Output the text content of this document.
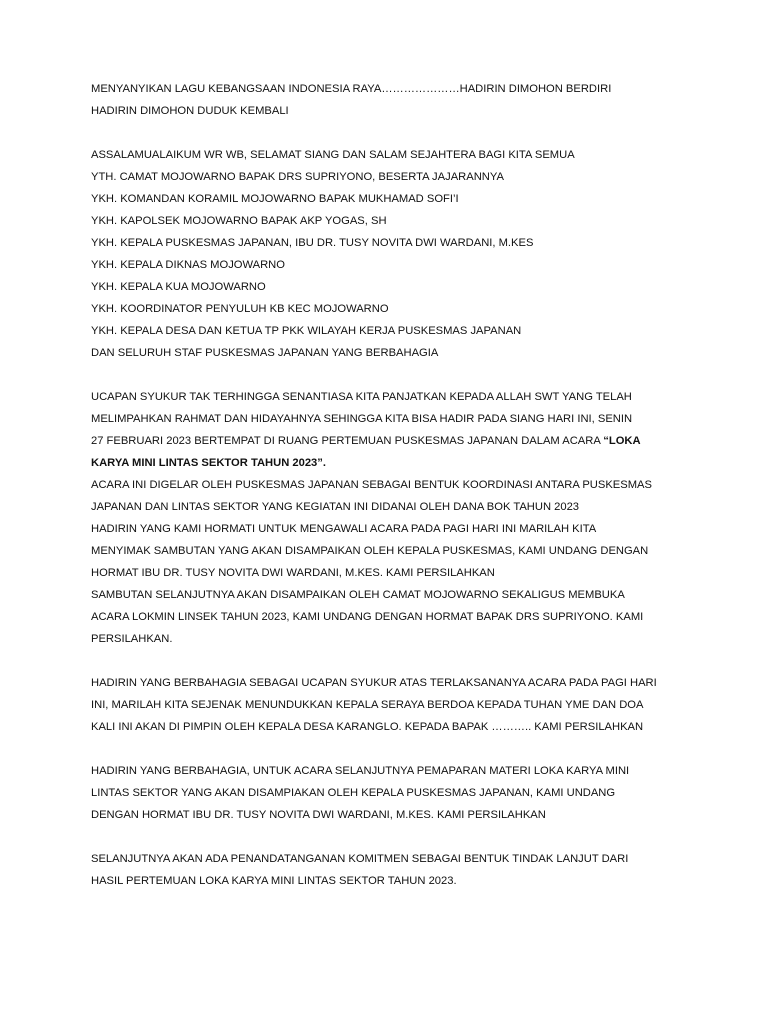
MENYANYIKAN LAGU KEBANGSAAN INDONESIA RAYA…………………HADIRIN DIMOHON BERDIRI
HADIRIN DIMOHON DUDUK KEMBALI
ASSALAMUALAIKUM WR WB, SELAMAT SIANG DAN SALAM SEJAHTERA BAGI KITA SEMUA
YTH. CAMAT MOJOWARNO BAPAK DRS SUPRIYONO, BESERTA JAJARANNYA
YKH. KOMANDAN KORAMIL MOJOWARNO BAPAK MUKHAMAD SOFI’I
YKH. KAPOLSEK MOJOWARNO BAPAK AKP YOGAS, SH
YKH. KEPALA PUSKESMAS JAPANAN, IBU DR. TUSY NOVITA DWI WARDANI, M.KES
YKH. KEPALA DIKNAS MOJOWARNO
YKH. KEPALA KUA MOJOWARNO
YKH. KOORDINATOR PENYULUH KB KEC MOJOWARNO
YKH. KEPALA DESA DAN KETUA TP PKK WILAYAH KERJA PUSKESMAS JAPANAN
DAN SELURUH STAF PUSKESMAS JAPANAN YANG BERBAHAGIA
UCAPAN SYUKUR TAK TERHINGGA SENANTIASA KITA PANJATKAN KEPADA ALLAH SWT YANG TELAH
MELIMPAHKAN RAHMAT DAN HIDAYAHNYA SEHINGGA KITA BISA HADIR PADA SIANG HARI INI, SENIN
27 FEBRUARI 2023 BERTEMPAT DI RUANG PERTEMUAN PUSKESMAS JAPANAN DALAM ACARA “LOKA
KARYA MINI LINTAS SEKTOR TAHUN 2023”.
ACARA INI DIGELAR OLEH PUSKESMAS JAPANAN SEBAGAI BENTUK KOORDINASI ANTARA PUSKESMAS
JAPANAN DAN LINTAS SEKTOR YANG KEGIATAN INI DIDANAI OLEH DANA BOK TAHUN 2023
HADIRIN YANG KAMI HORMATI UNTUK MENGAWALI ACARA PADA PAGI HARI INI MARILAH KITA
MENYIMAK SAMBUTAN YANG AKAN DISAMPAIKAN OLEH KEPALA PUSKESMAS, KAMI UNDANG DENGAN
HORMAT IBU DR. TUSY NOVITA DWI WARDANI, M.KES. KAMI PERSILAHKAN
SAMBUTAN SELANJUTNYA AKAN DISAMPAIKAN OLEH CAMAT MOJOWARNO SEKALIGUS MEMBUKA
ACARA LOKMIN LINSEK TAHUN 2023, KAMI UNDANG DENGAN HORMAT BAPAK DRS SUPRIYONO. KAMI
PERSILAHKAN.
HADIRIN YANG BERBAHAGIA SEBAGAI UCAPAN SYUKUR ATAS TERLAKSANANYA ACARA PADA PAGI HARI
INI, MARILAH KITA SEJENAK MENUNDUKKAN KEPALA SERAYA BERDOA KEPADA TUHAN YME DAN DOA
KALI INI AKAN DI PIMPIN OLEH KEPALA DESA KARANGLO. KEPADA BAPAK ……….. KAMI PERSILAHKAN
HADIRIN YANG BERBAHAGIA, UNTUK ACARA SELANJUTNYA PEMAPARAN MATERI LOKA KARYA MINI
LINTAS SEKTOR YANG AKAN DISAMPIAKAN OLEH KEPALA PUSKESMAS JAPANAN, KAMI UNDANG
DENGAN HORMAT IBU DR. TUSY NOVITA DWI WARDANI, M.KES. KAMI PERSILAHKAN
SELANJUTNYA AKAN ADA PENANDATANGANAN KOMITMEN SEBAGAI BENTUK TINDAK LANJUT DARI
HASIL PERTEMUAN LOKA KARYA MINI LINTAS SEKTOR TAHUN 2023.
